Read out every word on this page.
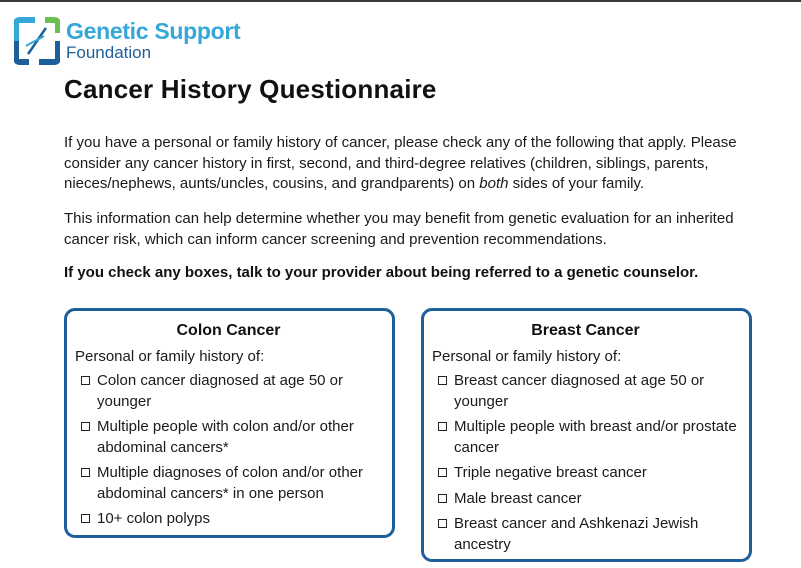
Genetic Support
Foundation
Cancer History Questionnaire

If you have a personal or family history of cancer, please check any of the following that apply. Please consider any cancer history in first, second, and third-degree relatives (children, siblings, parents, nieces/nephews, aunts/uncles, cousins, and grandparents) on both sides of your family.

This information can help determine whether you may benefit from genetic evaluation for an inherited cancer risk, which can inform cancer screening and prevention recommendations.

If you check any boxes, talk to your provider about being referred to a genetic counselor.

Colon Cancer
Personal or family history of:
Colon cancer diagnosed at age 50 or younger
Multiple people with colon and/or other abdominal cancers*
Multiple diagnoses of colon and/or other abdominal cancers* in one person
10+ colon polyps
Breast Cancer
Personal or family history of:
Breast cancer diagnosed at age 50 or younger
Multiple people with breast and/or prostate cancer
Triple negative breast cancer
Male breast cancer
Breast cancer and Ashkenazi Jewish ancestry
